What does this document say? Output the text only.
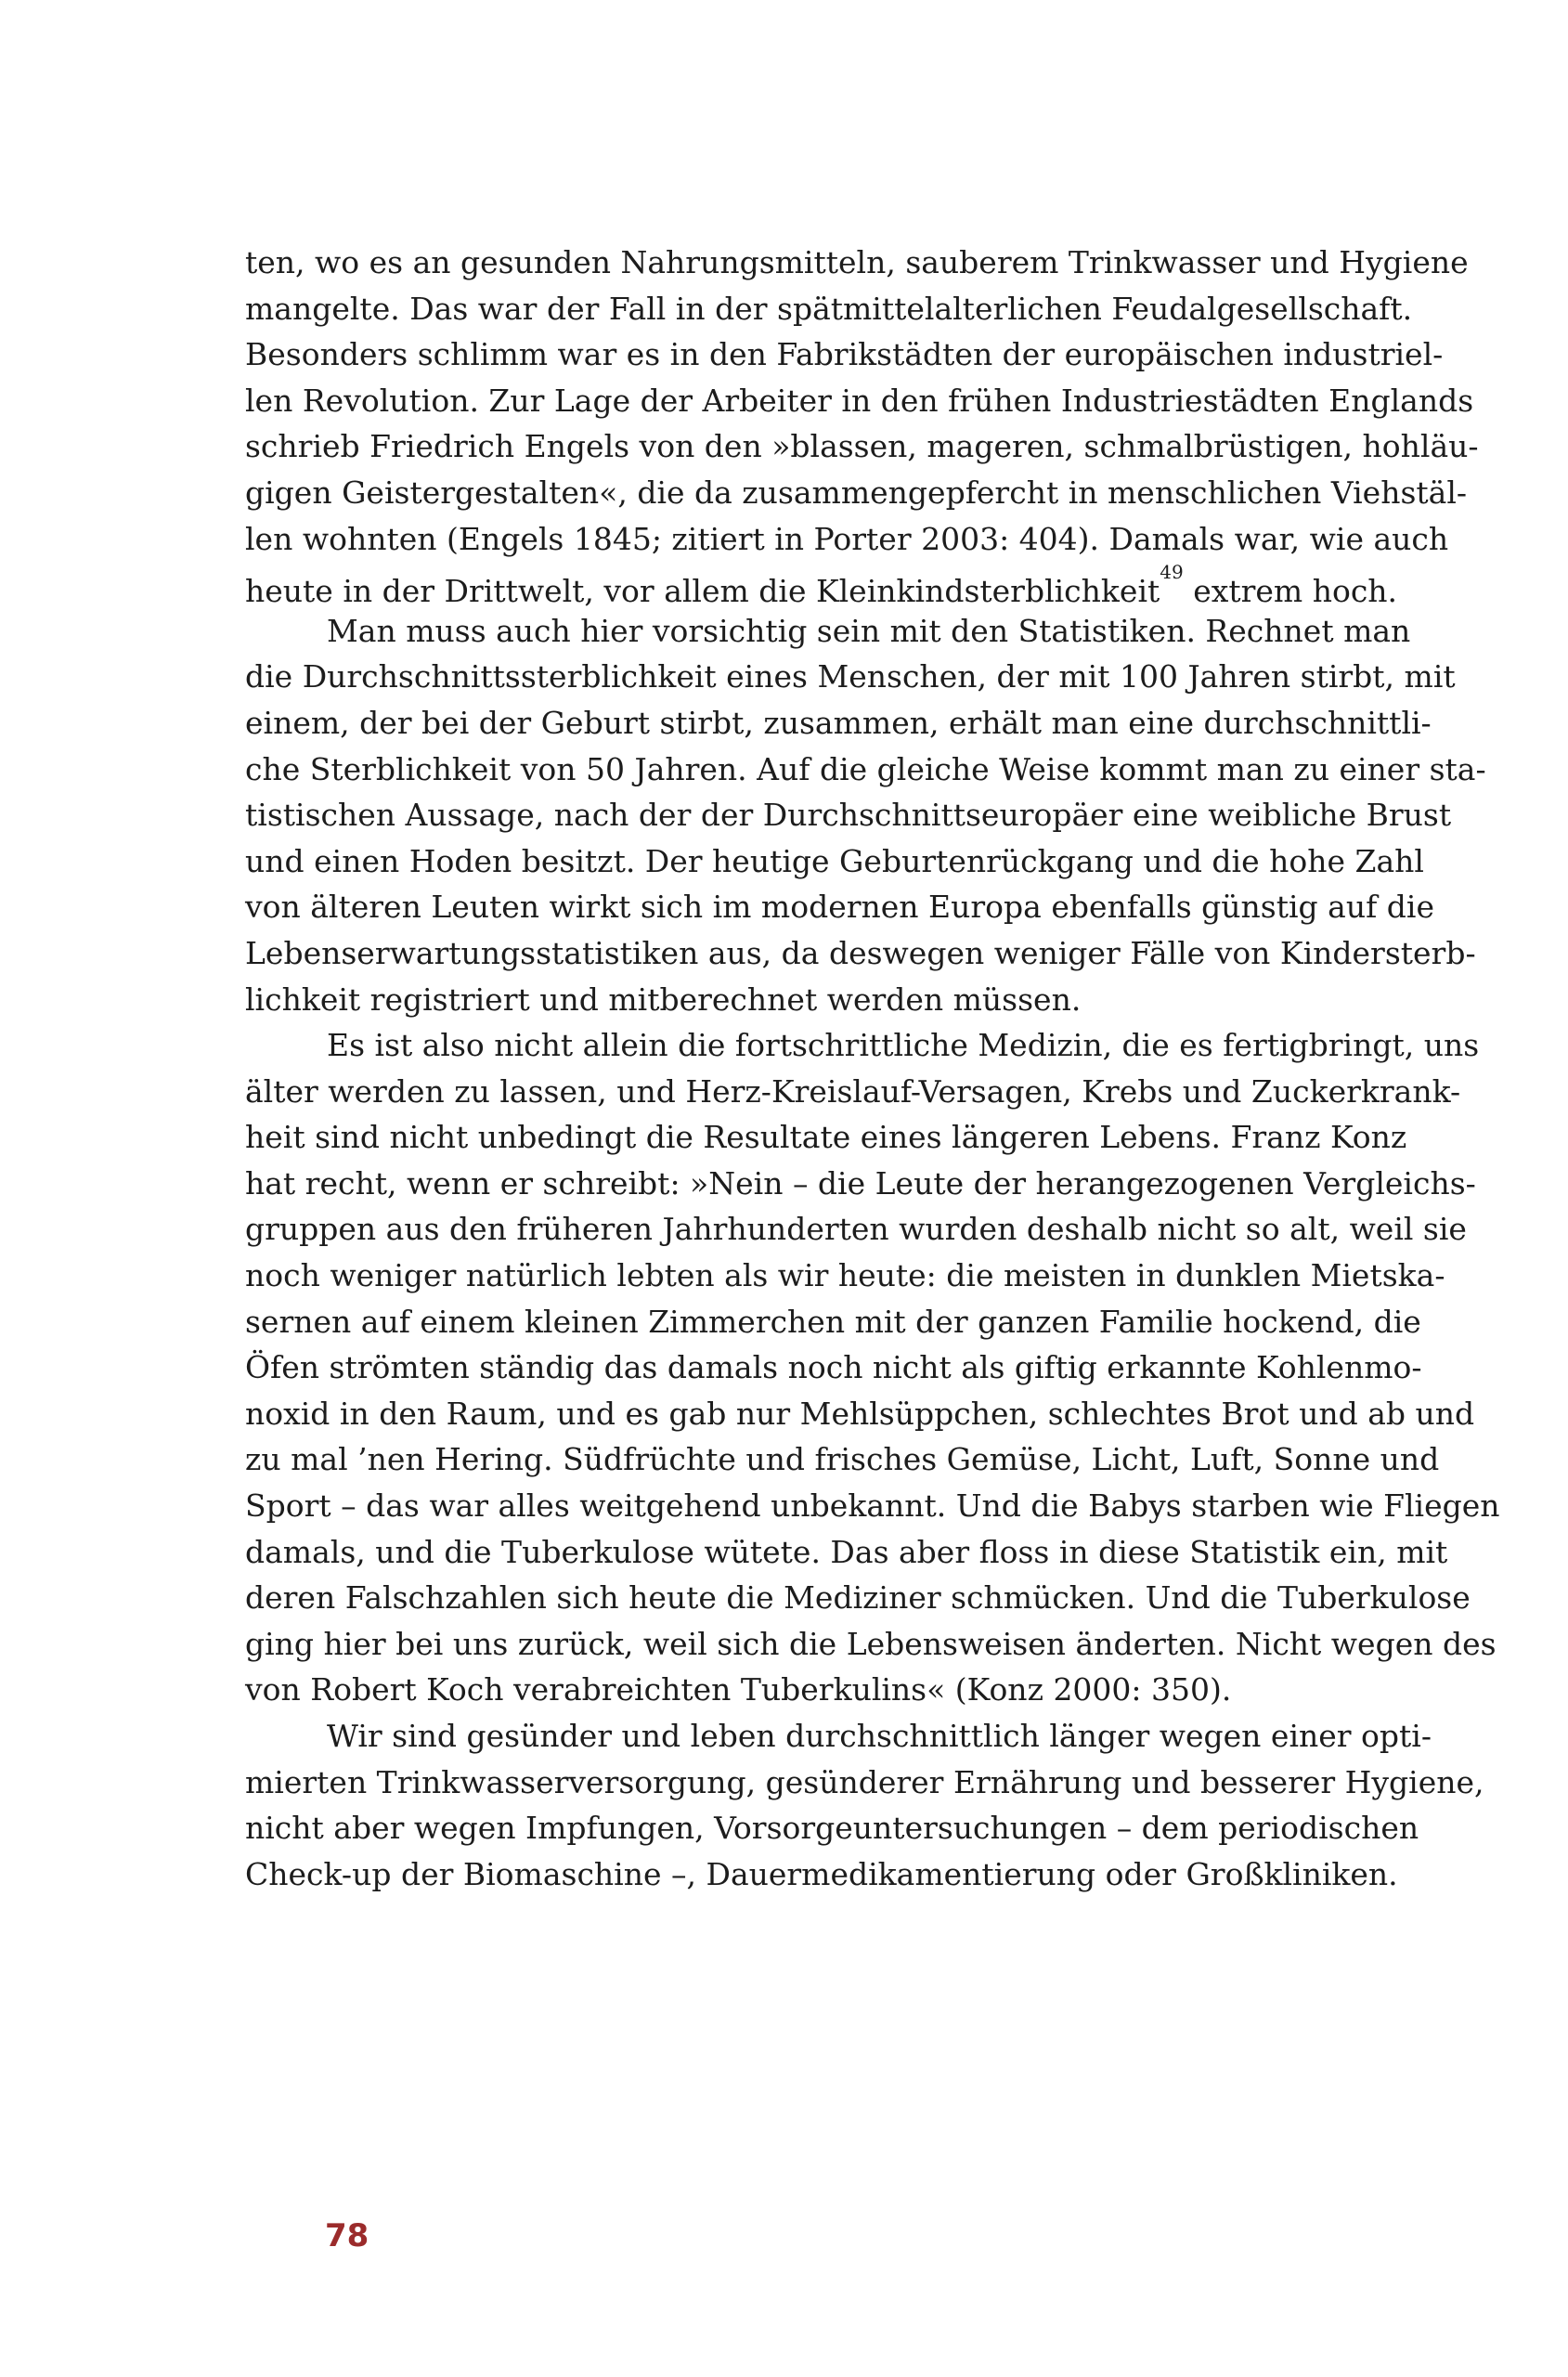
ten, wo es an gesunden Nahrungsmitteln, sauberem Trinkwasser und Hygiene
mangelte. Das war der Fall in der spätmittelalterlichen Feudalgesellschaft.
Besonders schlimm war es in den Fabrikstädten der europäischen industriel-
len Revolution. Zur Lage der Arbeiter in den frühen Industriestädten Englands
schrieb Friedrich Engels von den »blassen, mageren, schmalbrüstigen, hohläu-
gigen Geistergestalten«, die da zusammengepfercht in menschlichen Viehstäl-
len wohnten (Engels 1845; zitiert in Porter 2003: 404). Damals war, wie auch
heute in der Drittwelt, vor allem die Kleinkindsterblichkeit$^{49}$ extrem hoch.
Man muss auch hier vorsichtig sein mit den Statistiken. Rechnet man
die Durchschnittssterblichkeit eines Menschen, der mit 100 Jahren stirbt, mit
einem, der bei der Geburt stirbt, zusammen, erhält man eine durchschnittli-
che Sterblichkeit von 50 Jahren. Auf die gleiche Weise kommt man zu einer sta-
tistischen Aussage, nach der der Durchschnittseuropäer eine weibliche Brust
und einen Hoden besitzt. Der heutige Geburtenrückgang und die hohe Zahl
von älteren Leuten wirkt sich im modernen Europa ebenfalls günstig auf die
Lebenserwartungsstatistiken aus, da deswegen weniger Fälle von Kindersterb-
lichkeit registriert und mitberechnet werden müssen.
Es ist also nicht allein die fortschrittliche Medizin, die es fertigbringt, uns
älter werden zu lassen, und Herz-Kreislauf-Versagen, Krebs und Zuckerkrank-
heit sind nicht unbedingt die Resultate eines längeren Lebens. Franz Konz
hat recht, wenn er schreibt: »Nein – die Leute der herangezogenen Vergleichs-
gruppen aus den früheren Jahrhunderten wurden deshalb nicht so alt, weil sie
noch weniger natürlich lebten als wir heute: die meisten in dunklen Mietska-
sernen auf einem kleinen Zimmerchen mit der ganzen Familie hockend, die
Öfen strömten ständig das damals noch nicht als giftig erkannte Kohlenmo-
noxid in den Raum, und es gab nur Mehlsüppchen, schlechtes Brot und ab und
zu mal ’nen Hering. Südfrüchte und frisches Gemüse, Licht, Luft, Sonne und
Sport – das war alles weitgehend unbekannt. Und die Babys starben wie Fliegen
damals, und die Tuberkulose wütete. Das aber floss in diese Statistik ein, mit
deren Falschzahlen sich heute die Mediziner schmücken. Und die Tuberkulose
ging hier bei uns zurück, weil sich die Lebensweisen änderten. Nicht wegen des
von Robert Koch verabreichten Tuberkulins« (Konz 2000: 350).
Wir sind gesünder und leben durchschnittlich länger wegen einer opti-
mierten Trinkwasserversorgung, gesünderer Ernährung und besserer Hygiene,
nicht aber wegen Impfungen, Vorsorgeuntersuchungen – dem periodischen
Check-up der Biomaschine –, Dauermedikamentierung oder Großkliniken.
78
